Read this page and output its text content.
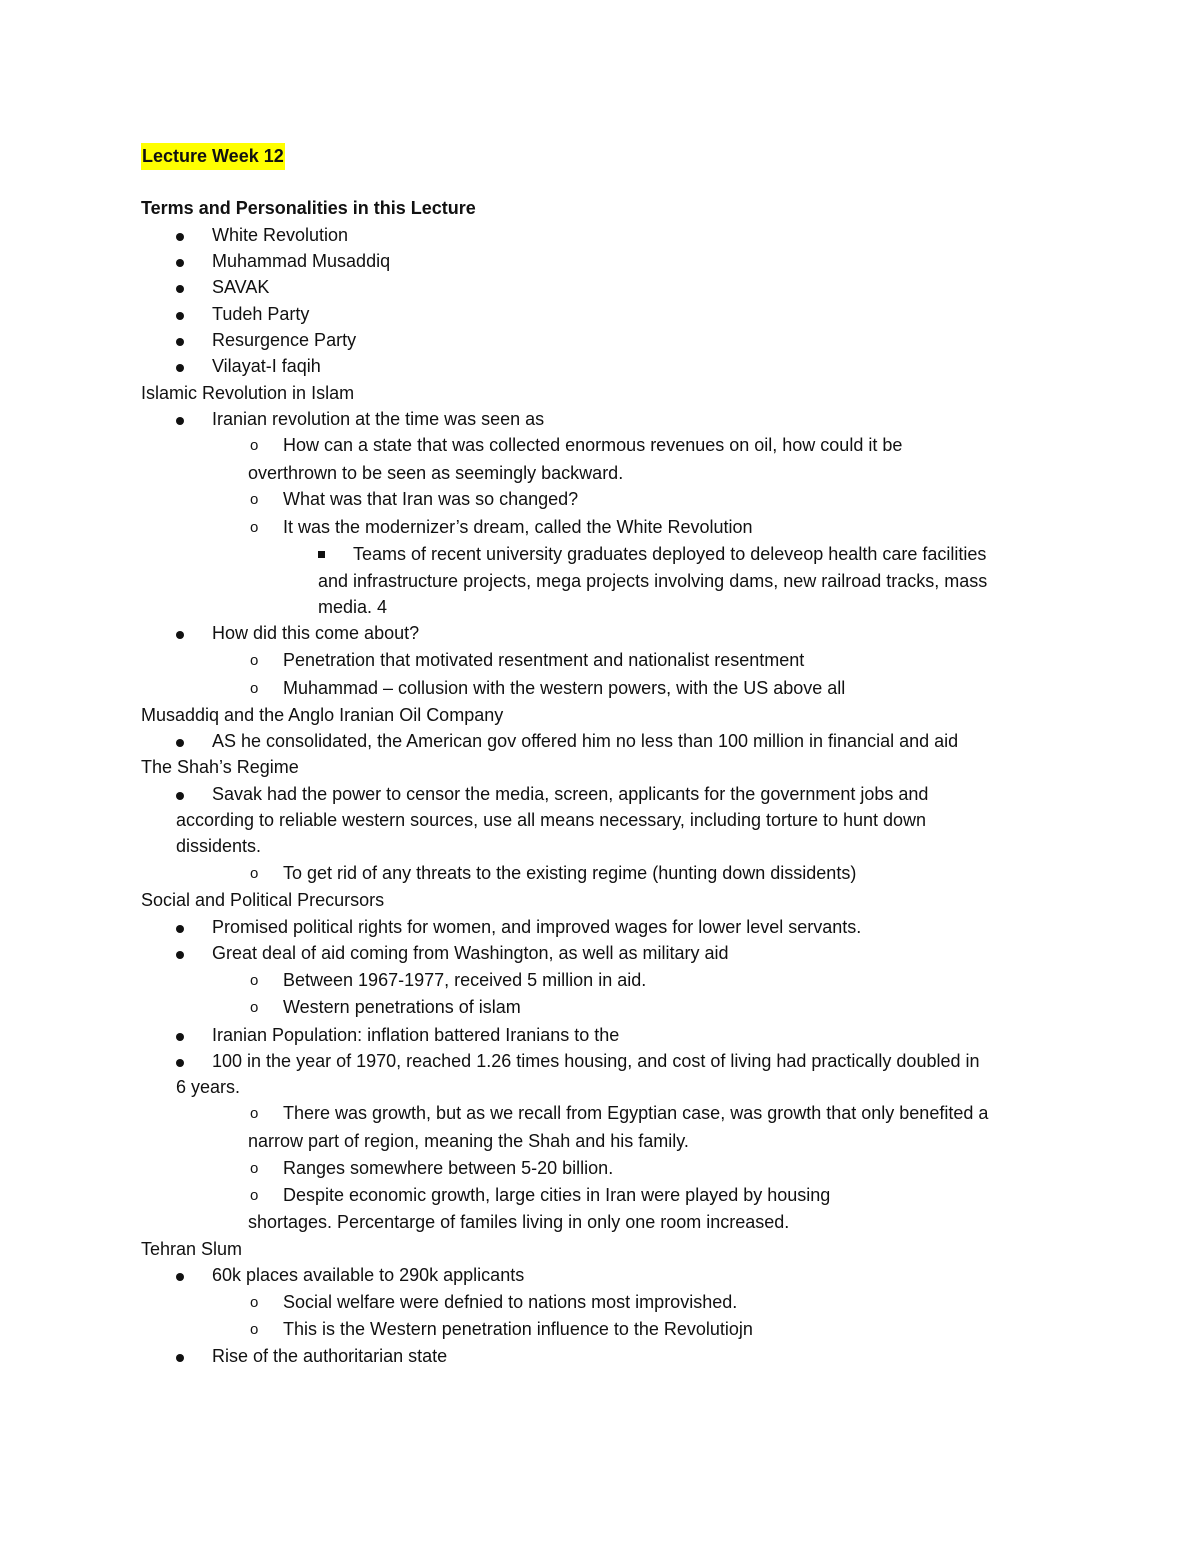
Lecture Week 12
Terms and Personalities in this Lecture
White Revolution
Muhammad Musaddiq
SAVAK
Tudeh Party
Resurgence Party
Vilayat-I faqih
Islamic Revolution in Islam
Iranian revolution at the time was seen as
o How can a state that was collected enormous revenues on oil, how could it be
overthrown to be seen as seemingly backward.
o What was that Iran was so changed?
o It was the modernizer’s dream, called the White Revolution
Teams of recent university graduates deployed to deleveop health care facilities
and infrastructure projects, mega projects involving dams, new railroad tracks, mass
media. 4
How did this come about?
o Penetration that motivated resentment and nationalist resentment
o Muhammad – collusion with the western powers, with the US above all
Musaddiq and the Anglo Iranian Oil Company
AS he consolidated, the American gov offered him no less than 100 million in financial and aid
The Shah’s Regime
Savak had the power to censor the media, screen, applicants for the government jobs and
according to reliable western sources, use all means necessary, including torture to hunt down
dissidents.
o To get rid of any threats to the existing regime (hunting down dissidents)
Social and Political Precursors
Promised political rights for women, and improved wages for lower level servants.
Great deal of aid coming from Washington, as well as military aid
o Between 1967-1977, received 5 million in aid.
o Western penetrations of islam
Iranian Population: inflation battered Iranians to the
100 in the year of 1970, reached 1.26 times housing, and cost of living had practically doubled in
6 years.
o There was growth, but as we recall from Egyptian case, was growth that only benefited a
narrow part of region, meaning the Shah and his family.
o Ranges somewhere between 5-20 billion.
o Despite economic growth, large cities in Iran were played by housing
shortages. Percentarge of familes living in only one room increased.
Tehran Slum
60k places available to 290k applicants
o Social welfare were defnied to nations most improvished.
o This is the Western penetration influence to the Revolutiojn
Rise of the authoritarian state
